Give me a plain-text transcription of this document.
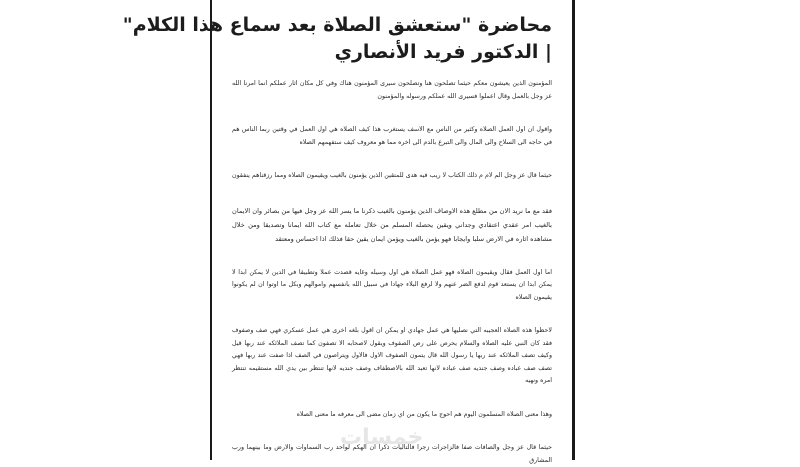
محاضرة "ستعشق الصلاة بعد سماع هذا الكلام"
| الدكتور فريد الأنصاري

المؤمنون الذين يعيشون معكم حيثما تصلحون هنا وتصلحون سيرى المؤمنون هناك وفي كل مكان اثار عملكم انما امرنا الله عز وجل بالعمل وقال اعملوا فسيرى الله عملكم ورسوله والمؤمنون

واقول ان اول العمل الصلاه وكثير من الناس مع الاسف يستغرب هذا كيف الصلاه هي اول العمل في وقتين ربما الناس هم في حاجه الى السلاح والى المال والى التبرع بالدم الى اخره مما هو معروف كيف ستفهمهم الصلاه

حيثما قال عز وجل الم لام م ذلك الكتاب لا ريب فيه هدى للمتقين الذين يؤمنون بالغيب ويقيمون الصلاه ومما رزقناهم ينفقون

فقد مع ما نريد الان من مطلع هذه الاوصاف الذين يؤمنون بالغيب ذكرنا ما يسر الله عز وجل فيها من بصائر وان الايمان بالغيب امر عقدي اعتقادي وجداني ويقين يحصله المسلم من خلال تعامله مع كتاب الله ايمانا وتصديقا ومن خلال مشاهده اثاره في الارض سلبا وايجابا فهو يؤمن بالغيب ويؤمن ايمان يقين حقا فذلك اذا احساس ومعتقد

اما اول العمل فقال ويقيمون الصلاه فهو عمل الصلاه هي اول وسيله وغايه قصدت عملا وتطبيقا في الدين لا يمكن ابدا لا يمكن ابدا ان يستعد قوم لدفع الضر عنهم ولا لرفع البلاء جهادا في سبيل الله بانفسهم واموالهم وبكل ما اوتوا ان لم يكونوا يقيمون الصلاه

لاحظوا هذه الصلاه العجيبه التي نصليها هي عمل جهادي او يمكن ان اقول بلغه اخرى هي عمل عسكري فهي صف وصفوف فقد كان النبي عليه الصلاه والسلام يحرص على رص الصفوف ويقول لاصحابه الا تصفون كما تصف الملائكه عند ربها قيل وكيف تصف الملائكه عند ربها يا رسول الله قال يتمون الصفوف الاول فالاول ويتراصون في الصف اذا صفت عند ربها فهي تصف صف عباده وصف جنديه صف عباده لانها تعبد الله بالاصطفاف وصف جنديه لانها تنتظر بين يدي الله مستقيمه تنتظر امره ونهيه

وهذا معنى الصلاه المسلمون اليوم هم احوج ما يكون من اي زمان مضى الى معرفه ما معنى الصلاه

حيثما قال عز وجل والصافات صفا فالزاجرات زجرا فالتاليات ذكرا ان الهكم لواحد رب السماوات والارض وما بينهما ورب المشارق

خمسات
